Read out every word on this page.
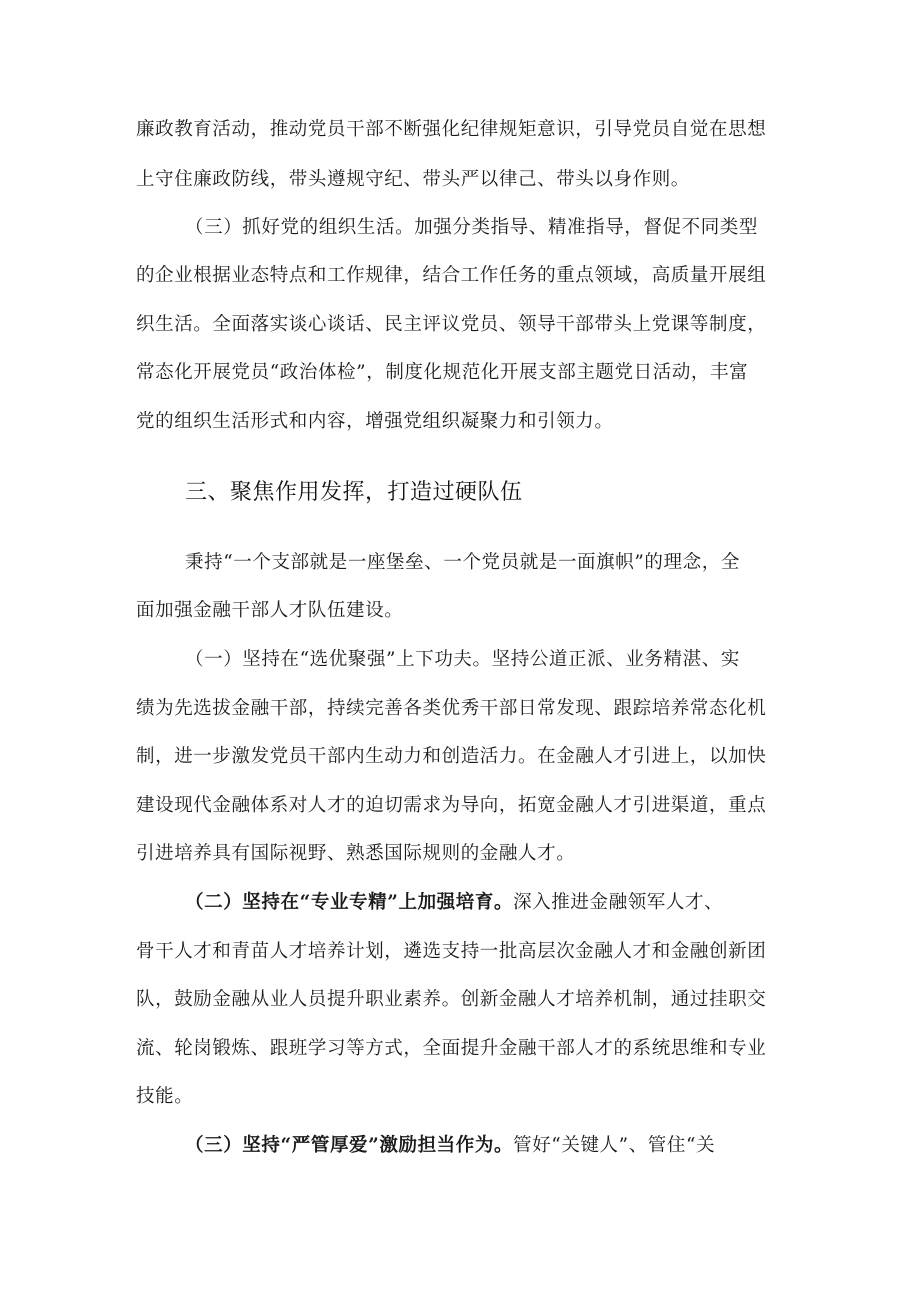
廉政教育活动，推动党员干部不断强化纪律规矩意识，引导党员自觉在思想
上守住廉政防线，带头遵规守纪、带头严以律己、带头以身作则。
（三）抓好党的组织生活。加强分类指导、精准指导，督促不同类型
的企业根据业态特点和工作规律，结合工作任务的重点领域，高质量开展组
织生活。全面落实谈心谈话、民主评议党员、领导干部带头上党课等制度，
常态化开展党员“政治体检”，制度化规范化开展支部主题党日活动，丰富
党的组织生活形式和内容，增强党组织凝聚力和引领力。
三、聚焦作用发挥，打造过硬队伍
秉持“一个支部就是一座堡垒、一个党员就是一面旗帜”的理念，全
面加强金融干部人才队伍建设。
（一）坚持在“选优聚强”上下功夫。坚持公道正派、业务精湛、实
绩为先选拔金融干部，持续完善各类优秀干部日常发现、跟踪培养常态化机
制，进一步激发党员干部内生动力和创造活力。在金融人才引进上，以加快
建设现代金融体系对人才的迫切需求为导向，拓宽金融人才引进渠道，重点
引进培养具有国际视野、熟悉国际规则的金融人才。
（二）坚持在“专业专精”上加强培育。深入推进金融领军人才、
骨干人才和青苗人才培养计划，遴选支持一批高层次金融人才和金融创新团
队，鼓励金融从业人员提升职业素养。创新金融人才培养机制，通过挂职交
流、轮岗锻炼、跟班学习等方式，全面提升金融干部人才的系统思维和专业
技能。
（三）坚持“严管厚爱”激励担当作为。管好“关键人”、管住“关
